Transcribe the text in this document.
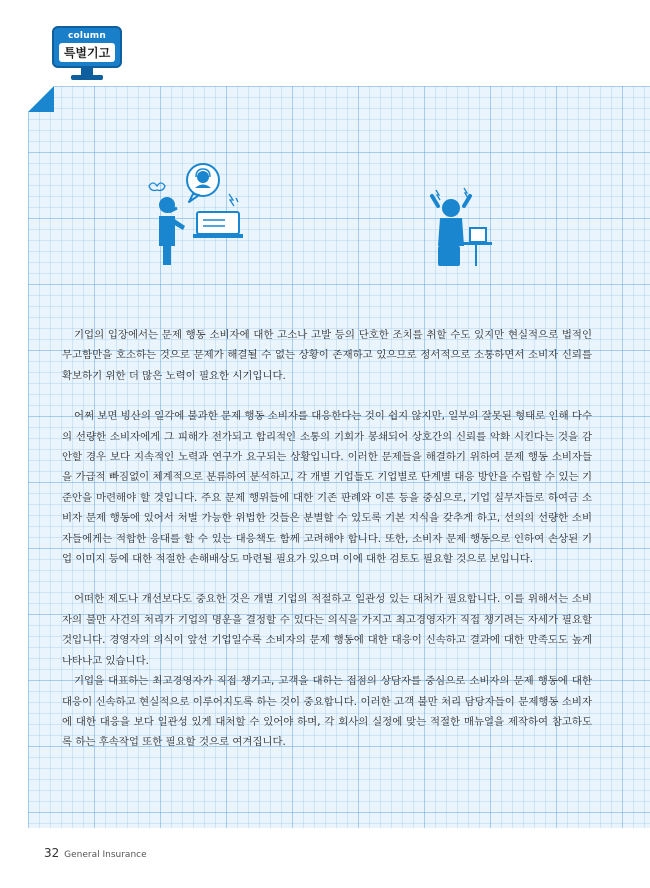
column
특별기고

기업의 입장에서는 문제 행동 소비자에 대한 고소나 고발 등의 단호한 조치를 취할 수도 있지만 현실적으로 법적인 무고함만을 호소하는 것으로 문제가 해결될 수 없는 상황이 존재하고 있으므로 정서적으로 소통하면서 소비자 신뢰를 확보하기 위한 더 많은 노력이 필요한 시기입니다.

어쩌 보면 빙산의 일각에 불과한 문제 행동 소비자를 대응한다는 것이 쉽지 않지만, 일부의 잘못된 형태로 인해 다수의 선량한 소비자에게 그 피해가 전가되고 합리적인 소통의 기회가 봉쇄되어 상호간의 신뢰를 악화 시킨다는 것을 감안할 경우 보다 지속적인 노력과 연구가 요구되는 상황입니다. 이러한 문제들을 해결하기 위하여 문제 행동 소비자들을 가급적 빠짐없이 체계적으로 분류하여 분석하고, 각 개별 기업들도 기업별로 단계별 대응 방안을 수립할 수 있는 기준안을 마련해야 할 것입니다. 주요 문제 행위들에 대한 기존 판례와 이론 등을 중심으로, 기업 실무자들로 하여금 소비자 문제 행동에 있어서 처벌 가능한 위법한 것들은 분별할 수 있도록 기본 지식을 갖추게 하고, 선의의 선량한 소비자들에게는 적합한 응대를 할 수 있는 대응책도 함께 고려해야 합니다. 또한, 소비자 문제 행동으로 인하여 손상된 기업 이미지 등에 대한 적절한 손해배상도 마련될 필요가 있으며 이에 대한 검토도 필요할 것으로 보입니다.

어떠한 제도나 개선보다도 중요한 것은 개별 기업의 적절하고 일관성 있는 대처가 필요합니다. 이를 위해서는 소비자의 불만 사건의 처리가 기업의 명운을 결정할 수 있다는 의식을 가지고 최고경영자가 직접 챙기려는 자세가 필요할 것입니다. 경영자의 의식이 앞선 기업일수록 소비자의 문제 행동에 대한 대응이 신속하고 결과에 대한 만족도도 높게 나타나고 있습니다.

기업을 대표하는 최고경영자가 직접 챙기고, 고객을 대하는 접점의 상담자를 중심으로 소비자의 문제 행동에 대한 대응이 신속하고 현실적으로 이루어지도록 하는 것이 중요합니다. 이러한 고객 불만 처리 담당자들이 문제행동 소비자에 대한 대응을 보다 일관성 있게 대처할 수 있어야 하며, 각 회사의 실정에 맞는 적절한 매뉴얼을 제작하여 참고하도록 하는 후속작업 또한 필요할 것으로 여겨집니다.

32 General Insurance
